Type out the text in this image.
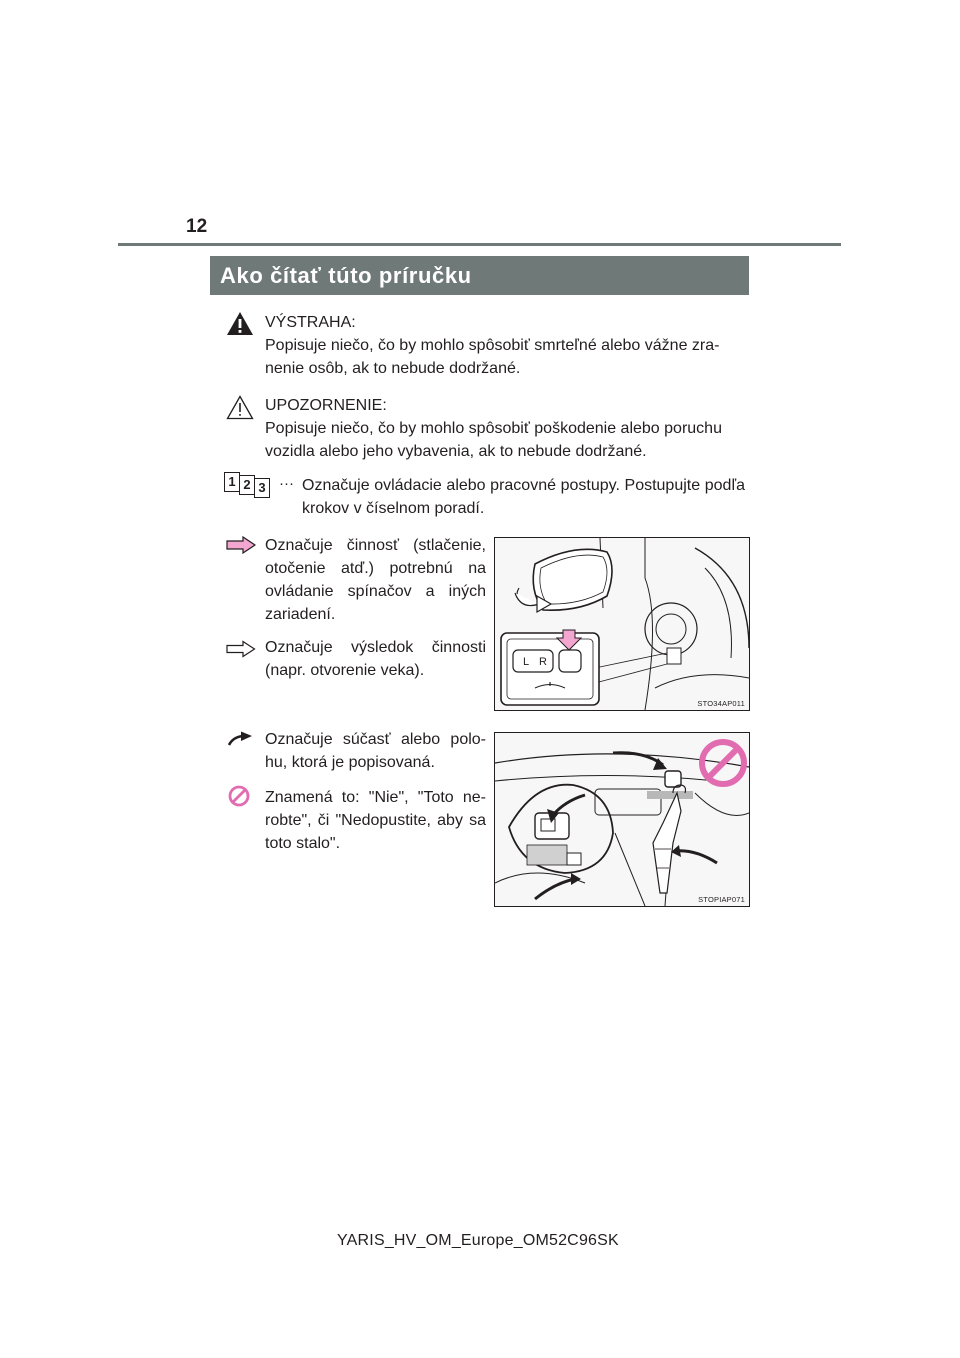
12
Ako čítať túto príručku

VÝSTRAHA:

Popisuje niečo, čo by mohlo spôsobiť smrteľné alebo vážne zra-nenie osôb, ak to nebude dodržané.

UPOZORNENIE:

Popisuje niečo, čo by mohlo spôsobiť poškodenie alebo poruchu vozidla alebo jeho vybavenia, ak to nebude dodržané.

1 2 3 ··· Označuje ovládacie alebo pracovné postupy. Postupujte podľa krokov v číselnom poradí.
Označuje činnosť (stlačenie, otočenie atď.) potrebnú na ovládanie spínačov a iných zariadení.
Označuje výsledok činnosti (napr. otvorenie veka).	L R
STO34AP011
Označuje súčasť alebo polo-hu, ktorá je popisovaná.
Znamená to: "Nie", "Toto ne-robte", či "Nedopustite, aby sa toto stalo".
STOPIAP071
YARIS_HV_OM_Europe_OM52C96SK
